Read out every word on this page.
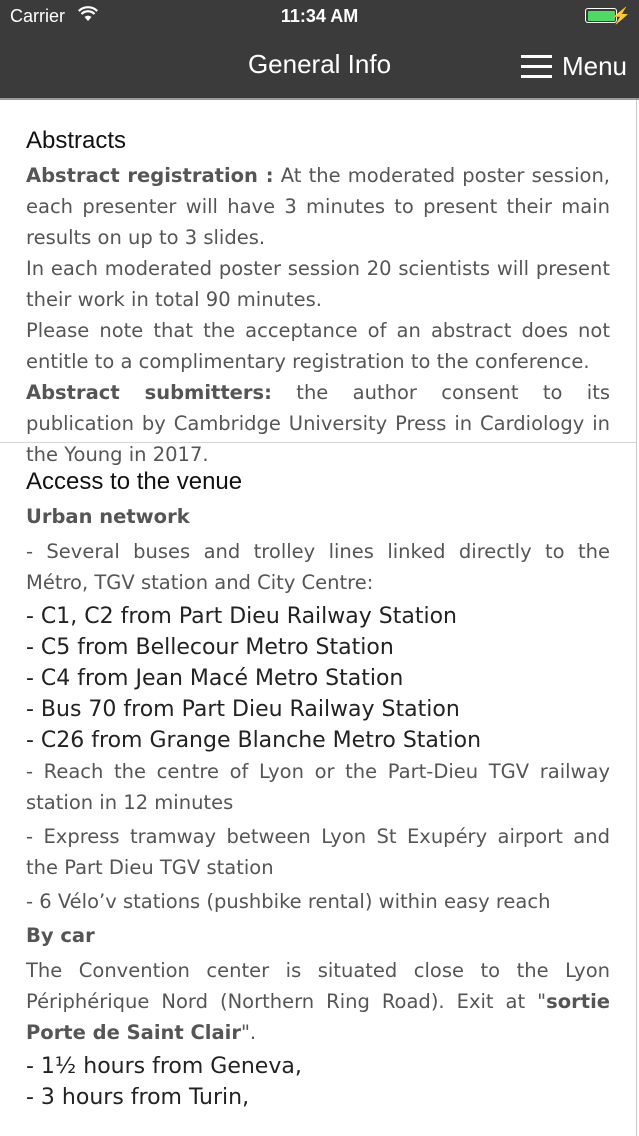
Carrier	11:34 AM	⚡
General Info	Menu
Abstracts

Abstract registration : At the moderated poster session, each presenter will have 3 minutes to present their main results on up to 3 slides.

In each moderated poster session 20 scientists will present their work in total 90 minutes.

Please note that the acceptance of an abstract does not entitle to a complimentary registration to the conference.

Abstract submitters: the author consent to its publication by Cambridge University Press in Cardiology in the Young in 2017.

Access to the venue
Urban network

- Several buses and trolley lines linked directly to the Métro, TGV station and City Centre:

- C1, C2 from Part Dieu Railway Station

- C5 from Bellecour Metro Station

- C4 from Jean Macé Metro Station

- Bus 70 from Part Dieu Railway Station

- C26 from Grange Blanche Metro Station

- Reach the centre of Lyon or the Part-Dieu TGV railway station in 12 minutes

- Express tramway between Lyon St Exupéry airport and the Part Dieu TGV station

- 6 Vélo’v stations (pushbike rental) within easy reach

By car

The Convention center is situated close to the Lyon Périphérique Nord (Northern Ring Road). Exit at "sortie Porte de Saint Clair".

- 1½ hours from Geneva,

- 3 hours from Turin,
